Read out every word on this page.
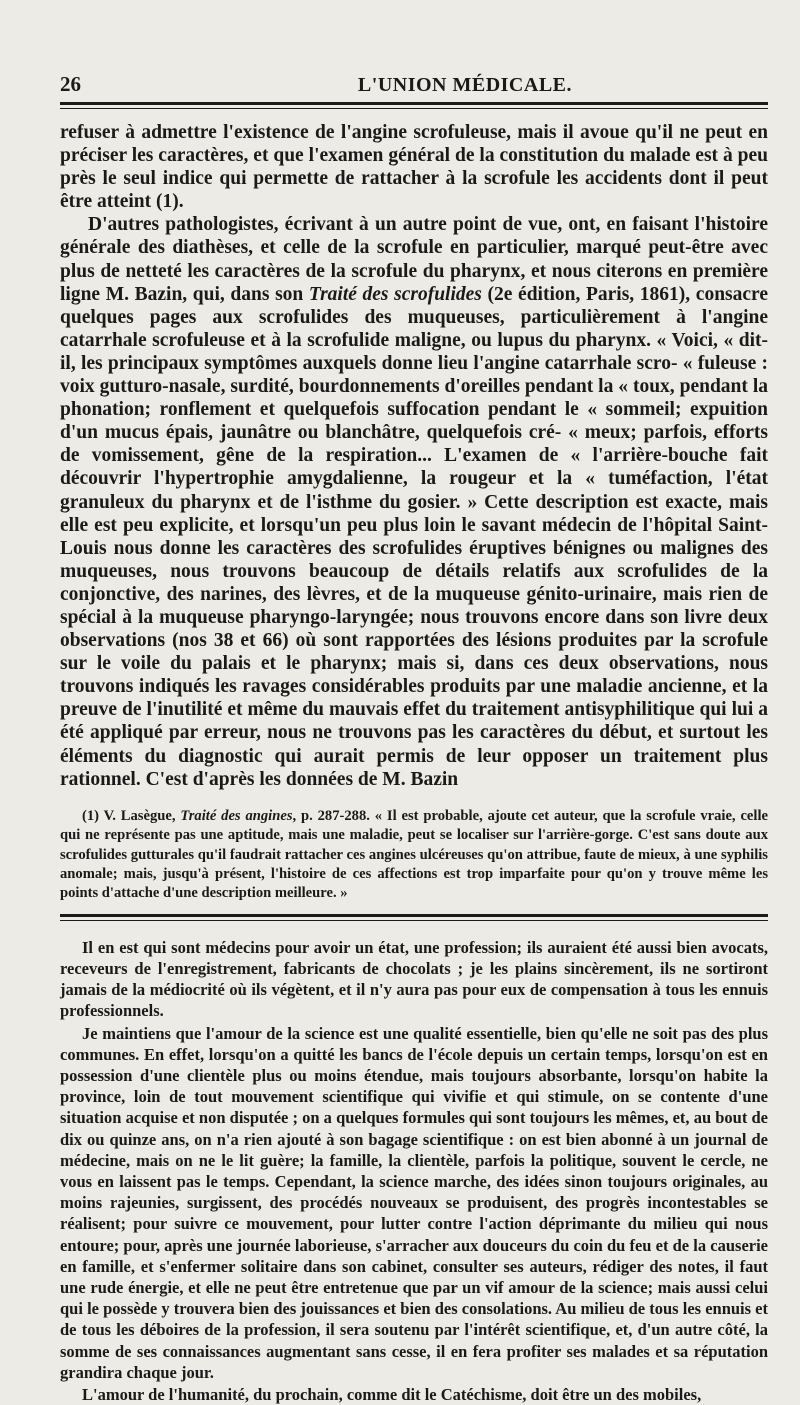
26	L'UNION MÉDICALE.

refuser à admettre l'existence de l'angine scrofuleuse, mais il avoue qu'il ne peut en préciser les caractères, et que l'examen général de la constitution du malade est à peu près le seul indice qui permette de rattacher à la scrofule les accidents dont il peut être atteint (1).

D'autres pathologistes, écrivant à un autre point de vue, ont, en faisant l'histoire générale des diathèses, et celle de la scrofule en particulier, marqué peut-être avec plus de netteté les caractères de la scrofule du pharynx, et nous citerons en première ligne M. Bazin, qui, dans son Traité des scrofulides (2e édition, Paris, 1861), consacre quelques pages aux scrofulides des muqueuses, particulièrement à l'angine catarrhale scrofuleuse et à la scrofulide maligne, ou lupus du pharynx. « Voici, « dit-il, les principaux symptômes auxquels donne lieu l'angine catarrhale scro- « fuleuse : voix gutturo-nasale, surdité, bourdonnements d'oreilles pendant la « toux, pendant la phonation; ronflement et quelquefois suffocation pendant le « sommeil; expuition d'un mucus épais, jaunâtre ou blanchâtre, quelquefois cré- « meux; parfois, efforts de vomissement, gêne de la respiration... L'examen de « l'arrière-bouche fait découvrir l'hypertrophie amygdalienne, la rougeur et la « tuméfaction, l'état granuleux du pharynx et de l'isthme du gosier. » Cette description est exacte, mais elle est peu explicite, et lorsqu'un peu plus loin le savant médecin de l'hôpital Saint-Louis nous donne les caractères des scrofulides éruptives bénignes ou malignes des muqueuses, nous trouvons beaucoup de détails relatifs aux scrofulides de la conjonctive, des narines, des lèvres, et de la muqueuse génito-urinaire, mais rien de spécial à la muqueuse pharyngo-laryngée; nous trouvons encore dans son livre deux observations (nos 38 et 66) où sont rapportées des lésions produites par la scrofule sur le voile du palais et le pharynx; mais si, dans ces deux observations, nous trouvons indiqués les ravages considérables produits par une maladie ancienne, et la preuve de l'inutilité et même du mauvais effet du traitement antisyphilitique qui lui a été appliqué par erreur, nous ne trouvons pas les caractères du début, et surtout les éléments du diagnostic qui aurait permis de leur opposer un traitement plus rationnel. C'est d'après les données de M. Bazin

(1) V. Lasègue, Traité des angines, p. 287-288. « Il est probable, ajoute cet auteur, que la scrofule vraie, celle qui ne représente pas une aptitude, mais une maladie, peut se localiser sur l'arrière-gorge. C'est sans doute aux scrofulides gutturales qu'il faudrait rattacher ces angines ulcéreuses qu'on attribue, faute de mieux, à une syphilis anomale; mais, jusqu'à présent, l'histoire de ces affections est trop imparfaite pour qu'on y trouve même les points d'attache d'une description meilleure. »

Il en est qui sont médecins pour avoir un état, une profession; ils auraient été aussi bien avocats, receveurs de l'enregistrement, fabricants de chocolats ; je les plains sincèrement, ils ne sortiront jamais de la médiocrité où ils végètent, et il n'y aura pas pour eux de compensation à tous les ennuis professionnels.

Je maintiens que l'amour de la science est une qualité essentielle, bien qu'elle ne soit pas des plus communes. En effet, lorsqu'on a quitté les bancs de l'école depuis un certain temps, lorsqu'on est en possession d'une clientèle plus ou moins étendue, mais toujours absorbante, lorsqu'on habite la province, loin de tout mouvement scientifique qui vivifie et qui stimule, on se contente d'une situation acquise et non disputée ; on a quelques formules qui sont toujours les mêmes, et, au bout de dix ou quinze ans, on n'a rien ajouté à son bagage scientifique : on est bien abonné à un journal de médecine, mais on ne le lit guère; la famille, la clientèle, parfois la politique, souvent le cercle, ne vous en laissent pas le temps. Cependant, la science marche, des idées sinon toujours originales, au moins rajeunies, surgissent, des procédés nouveaux se produisent, des progrès incontestables se réalisent; pour suivre ce mouvement, pour lutter contre l'action déprimante du milieu qui nous entoure; pour, après une journée laborieuse, s'arracher aux douceurs du coin du feu et de la causerie en famille, et s'enfermer solitaire dans son cabinet, consulter ses auteurs, rédiger des notes, il faut une rude énergie, et elle ne peut être entretenue que par un vif amour de la science; mais aussi celui qui le possède y trouvera bien des jouissances et bien des consolations. Au milieu de tous les ennuis et de tous les déboires de la profession, il sera soutenu par l'intérêt scientifique, et, d'un autre côté, la somme de ses connaissances augmentant sans cesse, il en fera profiter ses malades et sa réputation grandira chaque jour.

L'amour de l'humanité, du prochain, comme dit le Catéchisme, doit être un des mobiles,
